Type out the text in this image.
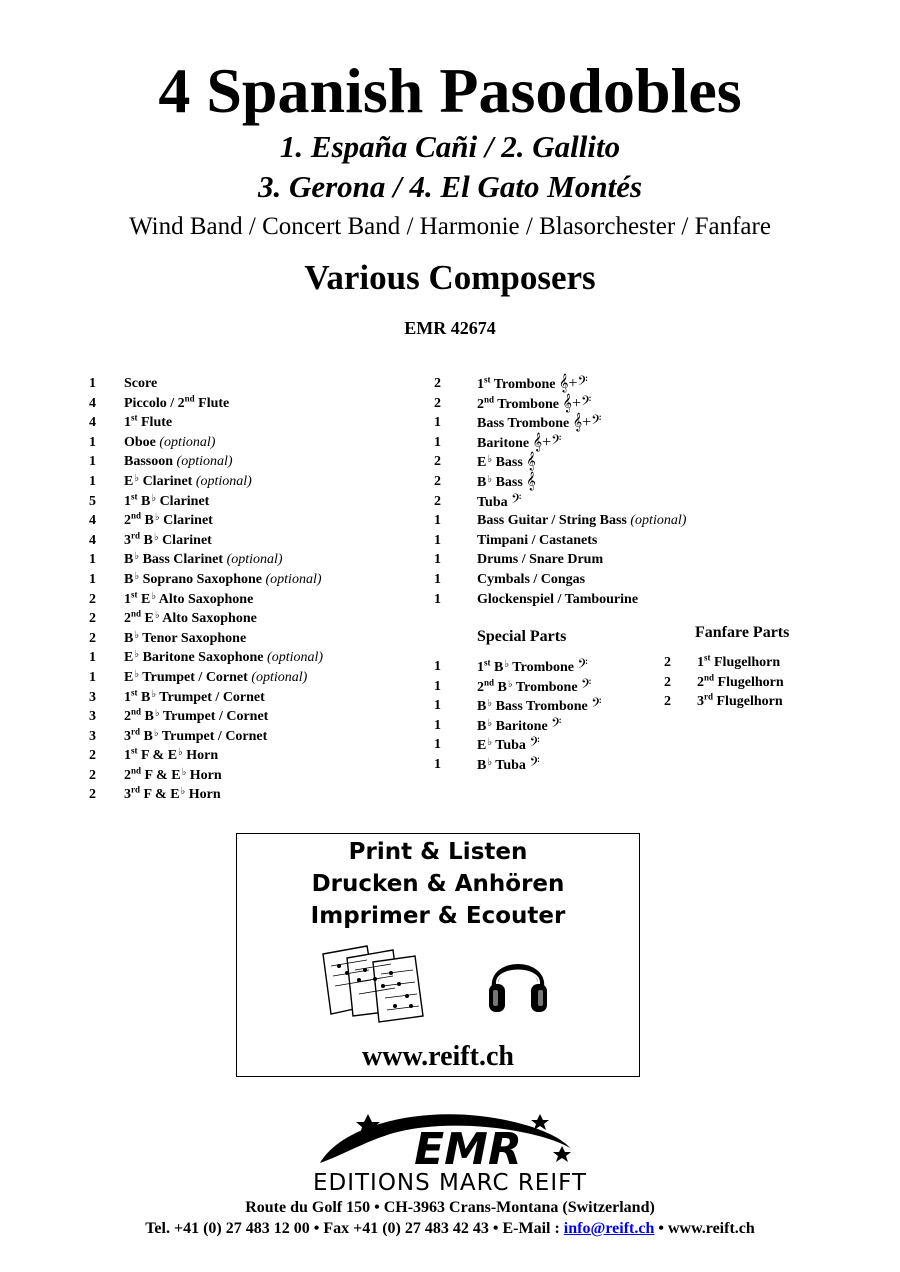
4 Spanish Pasodobles
1. España Cañi / 2. Gallito
3. Gerona / 4. El Gato Montés
Wind Band / Concert Band / Harmonie / Blasorchester / Fanfare
Various Composers
EMR 42674
1 Score
4 Piccolo / 2nd Flute
4 1st Flute
1 Oboe (optional)
1 Bassoon (optional)
1 E♭ Clarinet (optional)
5 1st B♭ Clarinet
4 2nd B♭ Clarinet
4 3rd B♭ Clarinet
1 B♭ Bass Clarinet (optional)
1 B♭ Soprano Saxophone (optional)
2 1st E♭ Alto Saxophone
2 2nd E♭ Alto Saxophone
2 B♭ Tenor Saxophone
1 E♭ Baritone Saxophone (optional)
1 E♭ Trumpet / Cornet (optional)
3 1st B♭ Trumpet / Cornet
3 2nd B♭ Trumpet / Cornet
3 3rd B♭ Trumpet / Cornet
2 1st F & E♭ Horn
2 2nd F & E♭ Horn
2 3rd F & E♭ Horn
2	1st Trombone 𝄞+𝄢
2	2nd Trombone 𝄞+𝄢
1	Bass Trombone 𝄞+𝄢
1	Baritone 𝄞+𝄢
2	E♭ Bass 𝄞
2	B♭ Bass 𝄞
2	Tuba 𝄢
1	Bass Guitar / String Bass (optional)
1	Timpani / Castanets
1	Drums / Snare Drum
1	Cymbals / Congas
1	Glockenspiel / Tambourine
Special Parts
1	1st B♭ Trombone 𝄢
1	2nd B♭ Trombone 𝄢
1	B♭ Bass Trombone 𝄢
1	B♭ Baritone 𝄢
1	E♭ Tuba 𝄢
1	B♭ Tuba 𝄢
Fanfare Parts
2 1st Flugelhorn
2 2nd Flugelhorn
2 3rd Flugelhorn
Print & Listen
Drucken & Anhören
Imprimer & Ecouter
www.reift.ch
EMR
EDITIONS MARC REIFT
Route du Golf 150 • CH-3963 Crans-Montana (Switzerland)
Tel. +41 (0) 27 483 12 00 • Fax +41 (0) 27 483 42 43 • E-Mail : info@reift.ch • www.reift.ch
